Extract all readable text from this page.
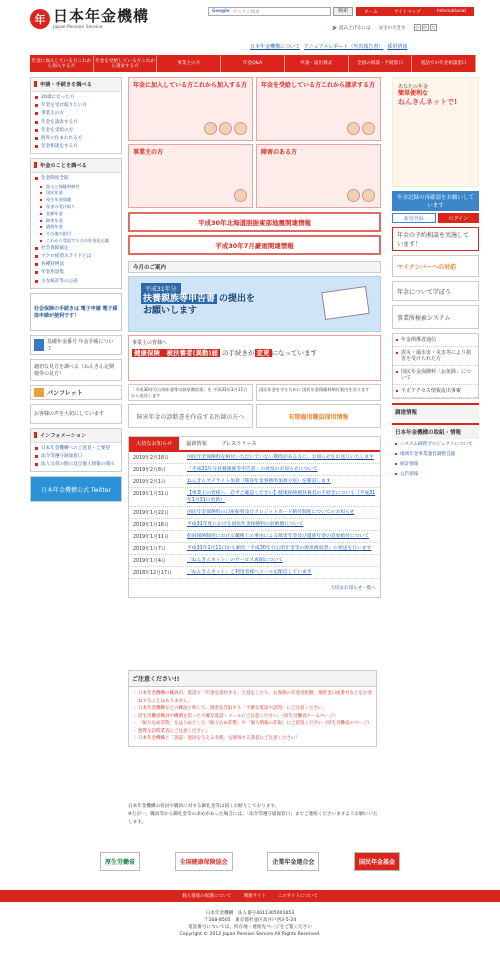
年 日本年金機構
Japan Pension Service
Google カスタム検索	検索	ホーム	サイトマップ	International
🔊 読み上げるには 文字の大きさ	小	中	大
日本年金機構について アニュアルレポート（年次報告書） 採用情報
年金に加入している方これから加入する方
年金を受給している方これから請求する方	事業主の方	年金Q&A	申請・届出様式	全国の相談・手続窓口	電話での年金相談窓口
申請・手続きを調べる
20歳になった方
年金を受け取りたい方
事業主の方
年金を請求する方
年金を受給の方
海外に住まわれる方
年金相談をする方
年金のことを調べる
年金制度全般
加入と保険料納付
国民年金
厚生年金保険
年金の受け取り
老齢年金
障害年金
遺族年金
その他の給付
これから受給する方の年金見込額
社会保障協定
マクロ経済スライドとは
各種特例法
年金用語集
主な統計等の公表
社会保険の手続きは 電子申請 電子媒体申請が便利です！
基礎年金番号 年金手帳について
適切な見方を調べる（ねんきん定期便等の見方）
パンフレット
お客様の声を大切にしています
インフォメーション
日本年金機構へのご意見・ご要望
法令等遵守通報窓口
法人文書の開示及び個人情報の開示
日本年金機構公式 Twitter
年金に加入している方これから加入する方 年金を受給している方これから請求する方
事業主の方	障害のある方
平成30年北海道胆振東部地震関連情報
平成30年7月豪雨関連情報
今月のご案内
平成31年分
扶養親族等申告書 の提出を
お願いします
事業主の皆様へ
健康保険　被扶養者(異動)届 の手続きが 変更 になっています
「平成30年分公的年金等の源泉徴収票」を 平成31年1月11日から発送します
国民年金を守るために 国民年金保険料納付案内を送ります
障害年金の診断書を作成する医師の方へ	有期雇用職員採用情報
大切なお知らせ	最新情報	プレスリリース
2019年2月18日	国民年金保険料を納付いただいていない期間がある方に、お知らせをお送りいたします
2019年2月8日	「平成31年分扶養親族等申告書」の再度のお知らせについて
2019年2月1日	ねんきんサテライト加須（熊谷年金事務所加須分室）を開設します
2019年1月31日	【事業主の皆様へ　必ずご確認ください】健康保険被扶養者の手続きについて（平成31年1月31日更新）
2019年1月22日	国民年金保険料の口座振替及びクレジットカード納付制度についてのお知らせ
2019年1月18日	平成31年度における国民年金保険料の前納額について
2019年1月11日	船員保険制度における職務上の事由による障害年金及び遺族年金の追加給付について
2019年1月7日	平成31年1月11日から順次「平成30年分公的年金等の源泉徴収票」の発送を行います
2019年1月4日	「ねんきんネット」のサービス再開について
2018年12月17日	「ねんきんネット」ご利用者様へメールを配信しています
大切なお知らせ一覧へ
あなたの年金
簡単便利な
ねんきんネットで!
年金記録の再確認をお願いしています
新規登録	ログイン
年金の予約相談を実施しています！
マイナンバーへの対応
年金について学ぼう
事業所検索システム
年金関係者通信
震災・風水害・災害等により損害を受けられた方
国民年金保険料「お免除」について
不正アクセス情報流出事案
調達情報
日本年金機構の取組・情報
システム刷新プロジェクトについて
地域年金事業運営調整会議
統計情報
公告情報
ご注意ください!!
・ 日本年金機構の職員が、電話で「年金を還付する」と話をしたり、お客様の年金受給額、預貯金口座番号などをお尋ねすることはありません。
・ 日本年金機構などの職員と称して、現金を詐取する「不審な電話や訪問」にご注意ください。
・ 厚生労働省職員や機関を装った不審な電話・メールにご注意ください。（厚生労働省ホームページ）
・ 「振り込め詐欺」をはじめとした「振り込め詐欺」や「個人情報の詐取」にご留意ください（厚生労働省のページ）
・ 悪質な訪問業者にご注意ください。
・ 日本年金機構と「誤認・混同を与える名称」を使用する業者にご注意ください！
日本年金機構の役員や職員に対する御礼金等は固くお断りしております。
※万が一、職員等から御礼金等の求めがあった場合には、「法令等遵守通報窓口」までご連絡くださいますようお願いいたします。
厚生労働省	全国健康保険協会	企業年金連合会	国民年金基金
個人情報の保護について	関連サイト	このサイトについて
日本年金機構　法人番号4011305001653
〒168-8505　東京都杉並区高井戸西3-5-24
電話番号については、所在地・連絡先ページをご覧ください
Copyright © 2012 Japan Pension Service All Rights Reserved.
